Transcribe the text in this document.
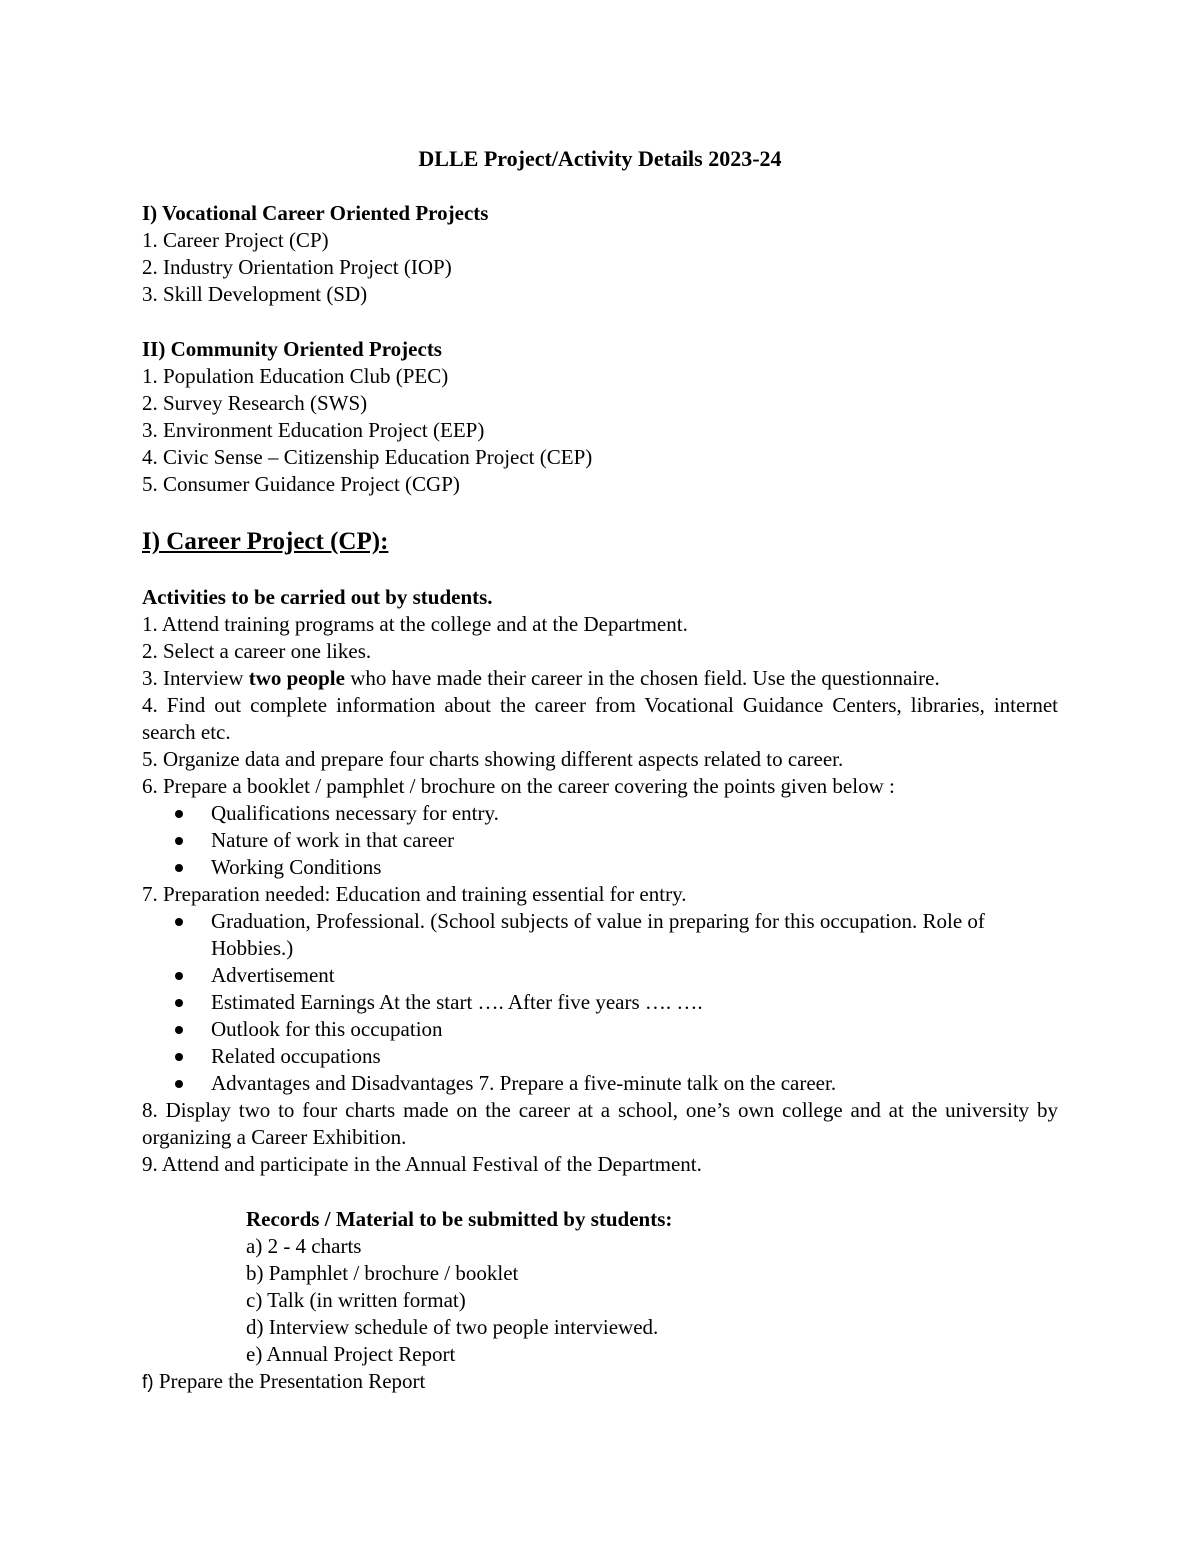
DLLE Project/Activity Details 2023-24
I) Vocational Career Oriented Projects
1. Career Project (CP)
2. Industry Orientation Project (IOP)
3. Skill Development (SD)
II) Community Oriented Projects
1. Population Education Club (PEC)
2. Survey Research (SWS)
3. Environment Education Project (EEP)
4. Civic Sense – Citizenship Education Project (CEP)
5. Consumer Guidance Project (CGP)
I) Career Project (CP):
Activities to be carried out by students.
1. Attend training programs at the college and at the Department.
2. Select a career one likes.
3. Interview two people who have made their career in the chosen field. Use the questionnaire.
4. Find out complete information about the career from Vocational Guidance Centers, libraries, internet search etc.
5. Organize data and prepare four charts showing different aspects related to career.
6. Prepare a booklet / pamphlet / brochure on the career covering the points given below :
Qualifications necessary for entry.
Nature of work in that career
Working Conditions
7. Preparation needed: Education and training essential for entry.
Graduation, Professional. (School subjects of value in preparing for this occupation. Role of Hobbies.)
Advertisement
Estimated Earnings At the start …. After five years …. ….
Outlook for this occupation
Related occupations
Advantages and Disadvantages 7. Prepare a five-minute talk on the career.
8. Display two to four charts made on the career at a school, one’s own college and at the university by organizing a Career Exhibition.
9. Attend and participate in the Annual Festival of the Department.
Records / Material to be submitted by students:
a) 2 - 4 charts
b) Pamphlet / brochure / booklet
c) Talk (in written format)
d) Interview schedule of two people interviewed.
e) Annual Project Report
f) Prepare the Presentation Report
